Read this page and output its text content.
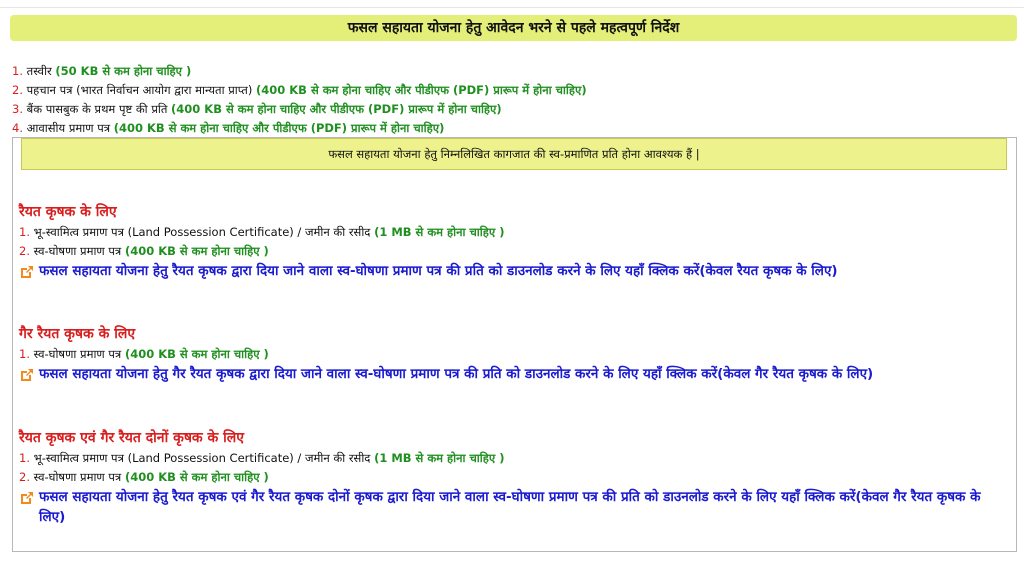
फसल सहायता योजना हेतु आवेदन भरने से पहले महत्वपूर्ण निर्देश
1. तस्वीर (50 KB से कम होना चाहिए )
2. पहचान पत्र (भारत निर्वाचन आयोग द्वारा मान्यता प्राप्त) (400 KB से कम होना चाहिए और पीडीएफ (PDF) प्रारूप में होना चाहिए)
3. बैंक पासबुक के प्रथम पृष्ट की प्रति (400 KB से कम होना चाहिए और पीडीएफ (PDF) प्रारूप में होना चाहिए)
4. आवासीय प्रमाण पत्र (400 KB से कम होना चाहिए और पीडीएफ (PDF) प्रारूप में होना चाहिए)
फसल सहायता योजना हेतु निम्नलिखित कागजात की स्व-प्रमाणित प्रति होना आवश्यक हैं |
रैयत कृषक के लिए
1. भू-स्वामित्व प्रमाण पत्र (Land Possession Certificate) / जमीन की रसीद (1 MB से कम होना चाहिए )
2. स्व-घोषणा प्रमाण पत्र (400 KB से कम होना चाहिए )
फसल सहायता योजना हेतु रैयत कृषक द्वारा दिया जाने वाला स्व-घोषणा प्रमाण पत्र की प्रति को डाउनलोड करने के लिए यहाँ क्लिक करें(केवल रैयत कृषक के लिए)
गैर रैयत कृषक के लिए
1. स्व-घोषणा प्रमाण पत्र (400 KB से कम होना चाहिए )
फसल सहायता योजना हेतु गैर रैयत कृषक द्वारा दिया जाने वाला स्व-घोषणा प्रमाण पत्र की प्रति को डाउनलोड करने के लिए यहाँ क्लिक करें(केवल गैर रैयत कृषक के लिए)
रैयत कृषक एवं गैर रैयत दोनों कृषक के लिए
1. भू-स्वामित्व प्रमाण पत्र (Land Possession Certificate) / जमीन की रसीद (1 MB से कम होना चाहिए )
2. स्व-घोषणा प्रमाण पत्र (400 KB से कम होना चाहिए )
फसल सहायता योजना हेतु रैयत कृषक एवं गैर रैयत कृषक दोनों कृषक द्वारा दिया जाने वाला स्व-घोषणा प्रमाण पत्र की प्रति को डाउनलोड करने के लिए यहाँ क्लिक करें(केवल गैर रैयत कृषक के लिए)
